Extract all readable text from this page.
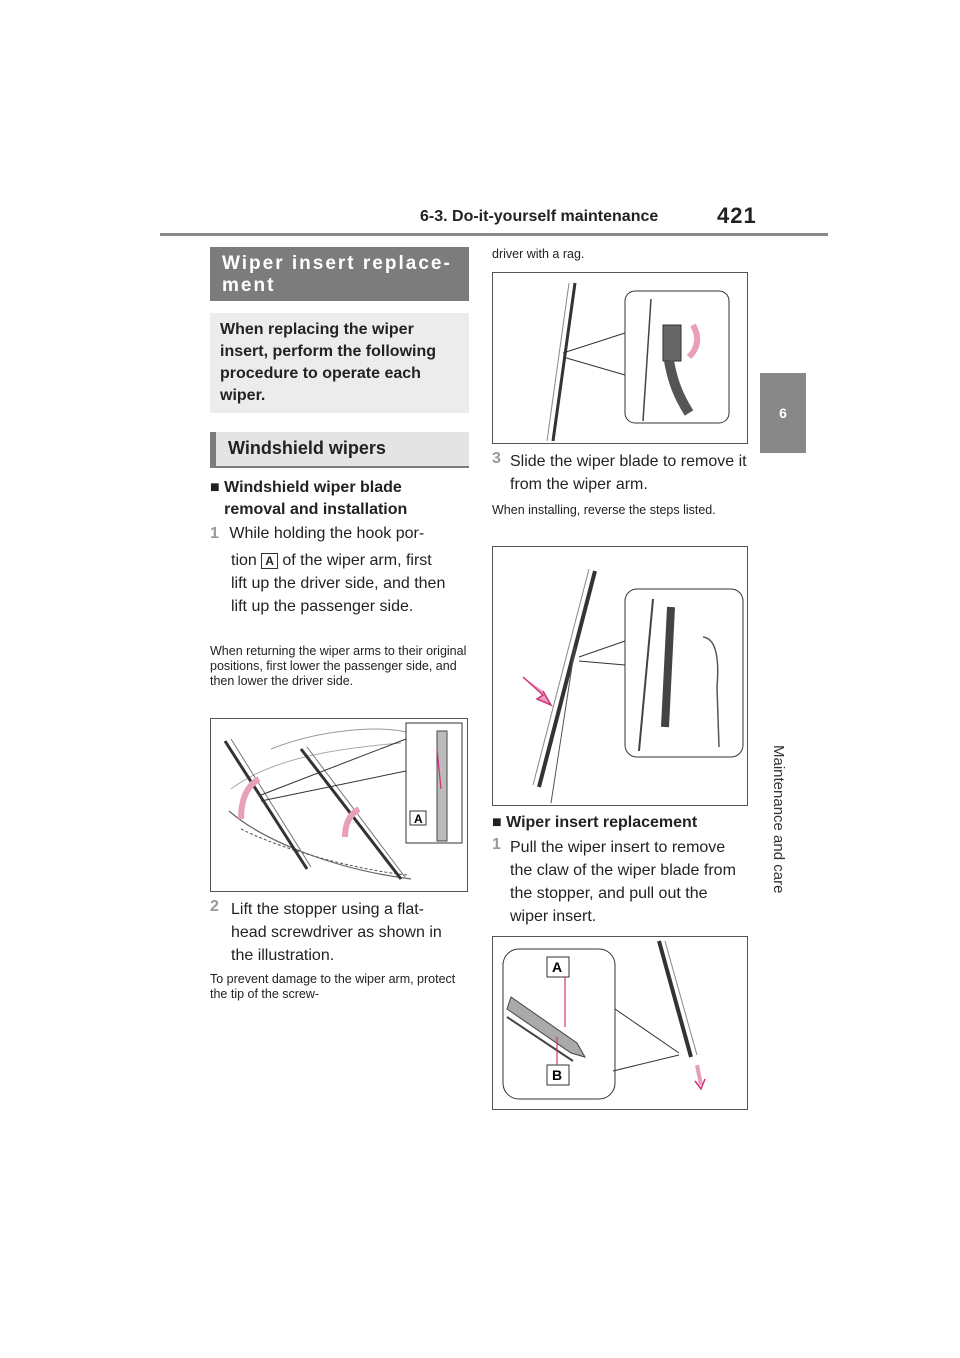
6-3. Do-it-yourself maintenance	421
6
Maintenance and care
Wiper insert replace-
ment
When replacing the wiper insert, perform the following procedure to operate each wiper.
Windshield wipers
■ Windshield wiper blade removal and installation
1 While holding the hook por-
tion A of the wiper arm, first
lift up the driver side, and then lift up the passenger side.
When returning the wiper arms to their original positions, first lower the passenger side, and then lower the driver side.
A
2 Lift the stopper using a flat-head screwdriver as shown in the illustration.
To prevent damage to the wiper arm, protect the tip of the screw-
driver with a rag.
3 Slide the wiper blade to remove it from the wiper arm.
When installing, reverse the steps listed.
■ Wiper insert replacement
1 Pull the wiper insert to remove the claw of the wiper blade from the stopper, and pull out the wiper insert.
A
B
